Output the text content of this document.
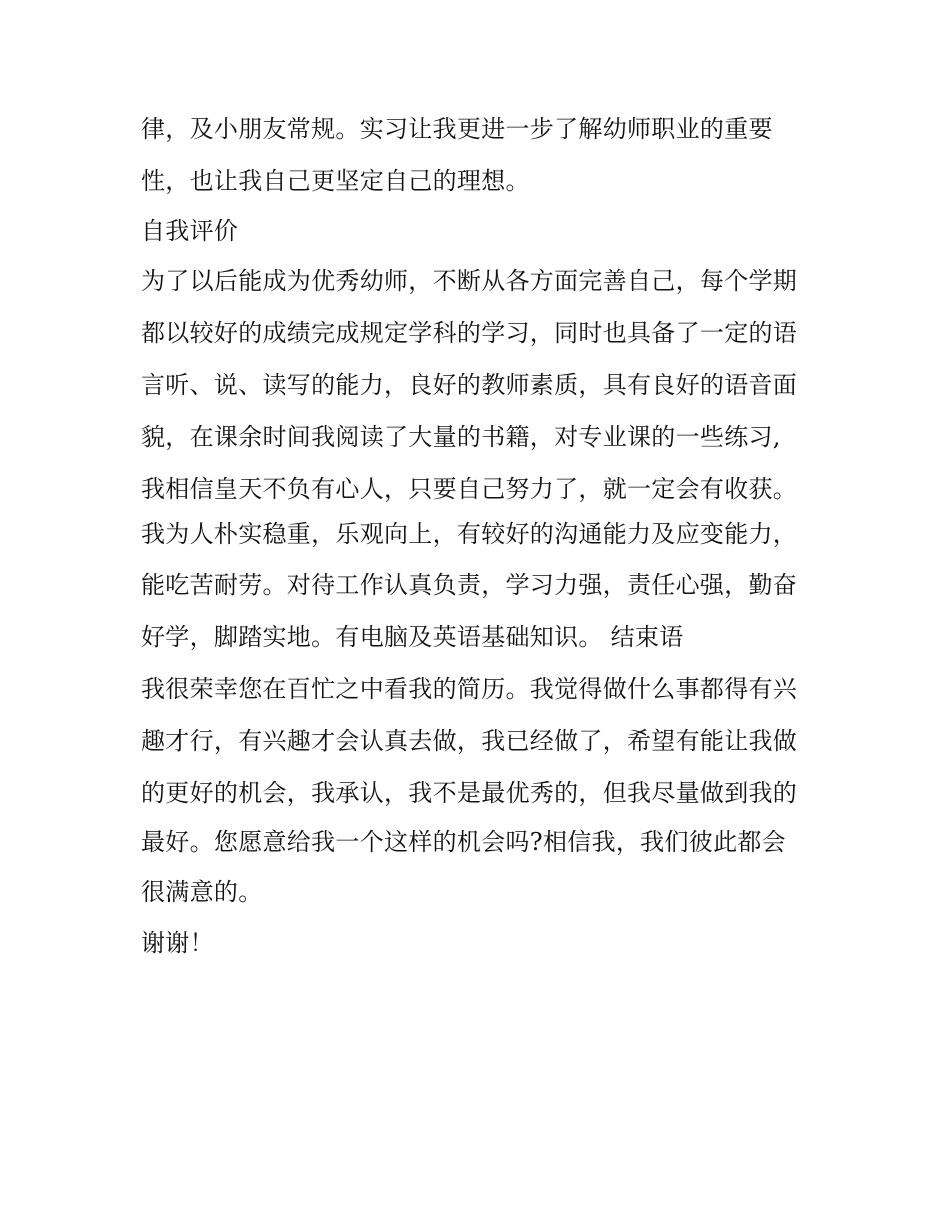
律，及小朋友常规。实习让我更进一步了解幼师职业的重要
性，也让我自己更坚定自己的理想。
自我评价
为了以后能成为优秀幼师，不断从各方面完善自己，每个学期
都以较好的成绩完成规定学科的学习，同时也具备了一定的语
言听、说、读写的能力，良好的教师素质，具有良好的语音面
貌，在课余时间我阅读了大量的书籍，对专业课的一些练习,
我相信皇天不负有心人，只要自己努力了，就一定会有收获。
我为人朴实稳重，乐观向上，有较好的沟通能力及应变能力，
能吃苦耐劳。对待工作认真负责，学习力强，责任心强，勤奋
好学，脚踏实地。有电脑及英语基础知识。 结束语
我很荣幸您在百忙之中看我的简历。我觉得做什么事都得有兴
趣才行，有兴趣才会认真去做，我已经做了，希望有能让我做
的更好的机会，我承认，我不是最优秀的，但我尽量做到我的
最好。您愿意给我一个这样的机会吗?相信我，我们彼此都会
很满意的。
谢谢！
